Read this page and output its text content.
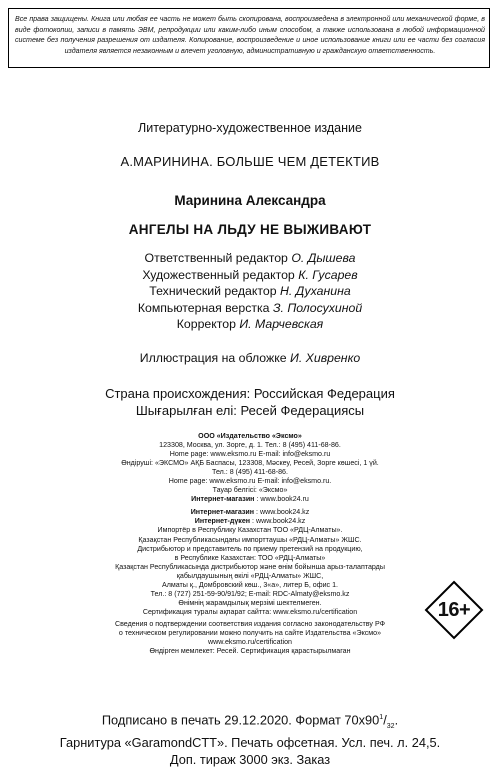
Все права защищены. Книга или любая ее часть не может быть скопирована, воспроизведена в электронной или механической форме, в виде фотокопии, записи в память ЭВМ, репродукции или каким-либо иным способом, а также использована в любой информационной системе без получения разрешения от издателя. Копирование, воспроизведение и иное использование книги или ее части без согласия издателя является незаконным и влечет уголовную, административную и гражданскую ответственность.
Литературно-художественное издание
А.МАРИНИНА. БОЛЬШЕ ЧЕМ ДЕТЕКТИВ
Маринина Александра
АНГЕЛЫ НА ЛЬДУ НЕ ВЫЖИВАЮТ
Ответственный редактор О. Дышева
Художественный редактор К. Гусарев
Технический редактор Н. Духанина
Компьютерная верстка З. Полосухиной
Корректор И. Марчевская
Иллюстрация на обложке И. Хивренко
Страна происхождения: Российская Федерация
Шығарылған елі: Ресей Федерациясы
ООО «Издательство «Эксмо»
123308, Москва, ул. Зорге, д. 1. Тел.: 8 (495) 411-68-86.
Home page: www.eksmo.ru E-mail: info@eksmo.ru
Өндіруші: «ЭКСМО» АҚБ Баспасы, 123308, Мәскеу, Ресей, Зорге көшесі, 1 үй.
Тел.: 8 (495) 411-68-86.
Home page: www.eksmo.ru E-mail: info@eksmo.ru.
Тауар белгісі: «Эксмо»
Интернет-магазин : www.book24.ru
Интернет-магазин : www.book24.kz
Интернет-дүкен : www.book24.kz
Импортёр в Республику Казахстан ТОО «РДЦ-Алматы».
Қазақстан Республикасындағы импорттаушы «РДЦ-Алматы» ЖШС.
Дистрибьютор и представитель по приему претензий на продукцию,
в Республике Казахстан: ТОО «РДЦ-Алматы»
Қазақстан Республикасында дистрибьютор және өнім бойынша арыз-талаптарды
қабылдаушының өкілі «РДЦ-Алматы» ЖШС,
Алматы қ., Домбровский көш., 3«а», литер Б, офис 1.
Тел.: 8 (727) 251-59-90/91/92; E-mail: RDC-Almaty@eksmo.kz
Өнімнің жарамдылық мерзімі шектелмеген.
Сертификация туралы ақпарат сайтта: www.eksmo.ru/certification
Сведения о подтверждении соответствия издания согласно законодательству РФ
о техническом регулировании можно получить на сайте Издательства «Эксмо»
www.eksmo.ru/certification
Өндірген мемлекет: Ресей. Сертификация қарастырылмаган
16+
Подписано в печать 29.12.2020. Формат $70х90^1/_{32}$.
Гарнитура «GaramondCTT». Печать офсетная. Усл. печ. л. 24,5.
Доп. тираж 3000 экз. Заказ
